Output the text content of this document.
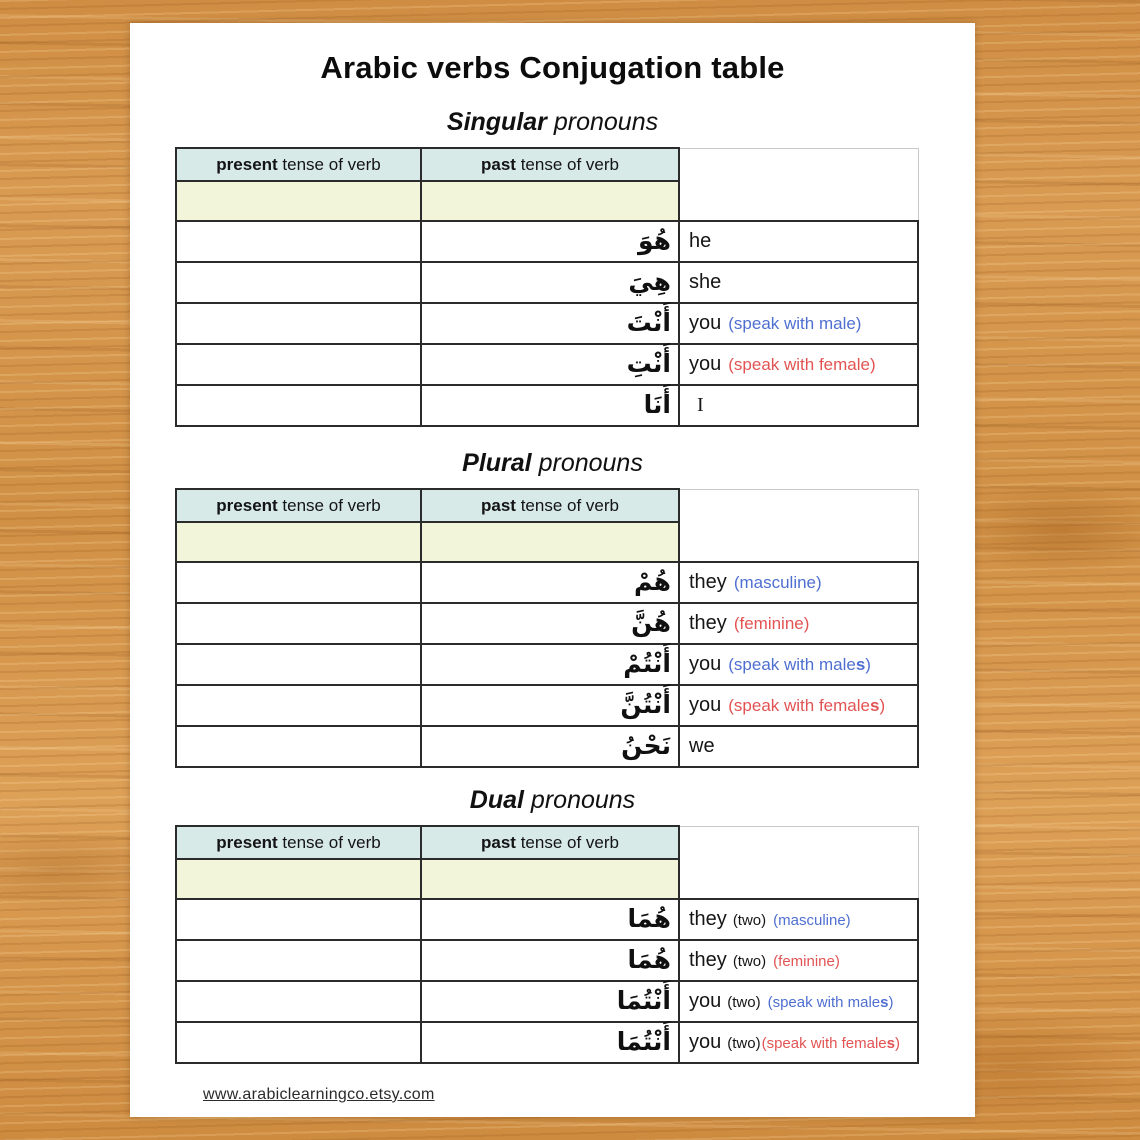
Arabic verbs Conjugation table
Singular pronouns
present tense of verb	past tense of verb	

	هُوَ	he
	هِيَ	she
	أَنْتَ	you (speak with male)
	أَنْتِ	you (speak with female)
	أَنَا	I
Plural pronouns
present tense of verb	past tense of verb	

	هُمْ	they (masculine)
	هُنَّ	they (feminine)
	أَنْتُمْ	you (speak with males)
	أَنْتُنَّ	you (speak with females)
	نَحْنُ	we
Dual pronouns
present tense of verb	past tense of verb	

	هُمَا	they (two) (masculine)
	هُمَا	they (two) (feminine)
	أَنْتُمَا	you (two) (speak with males)
	أَنْتُمَا	you (two)(speak with females)
www.arabiclearningco.etsy.com
